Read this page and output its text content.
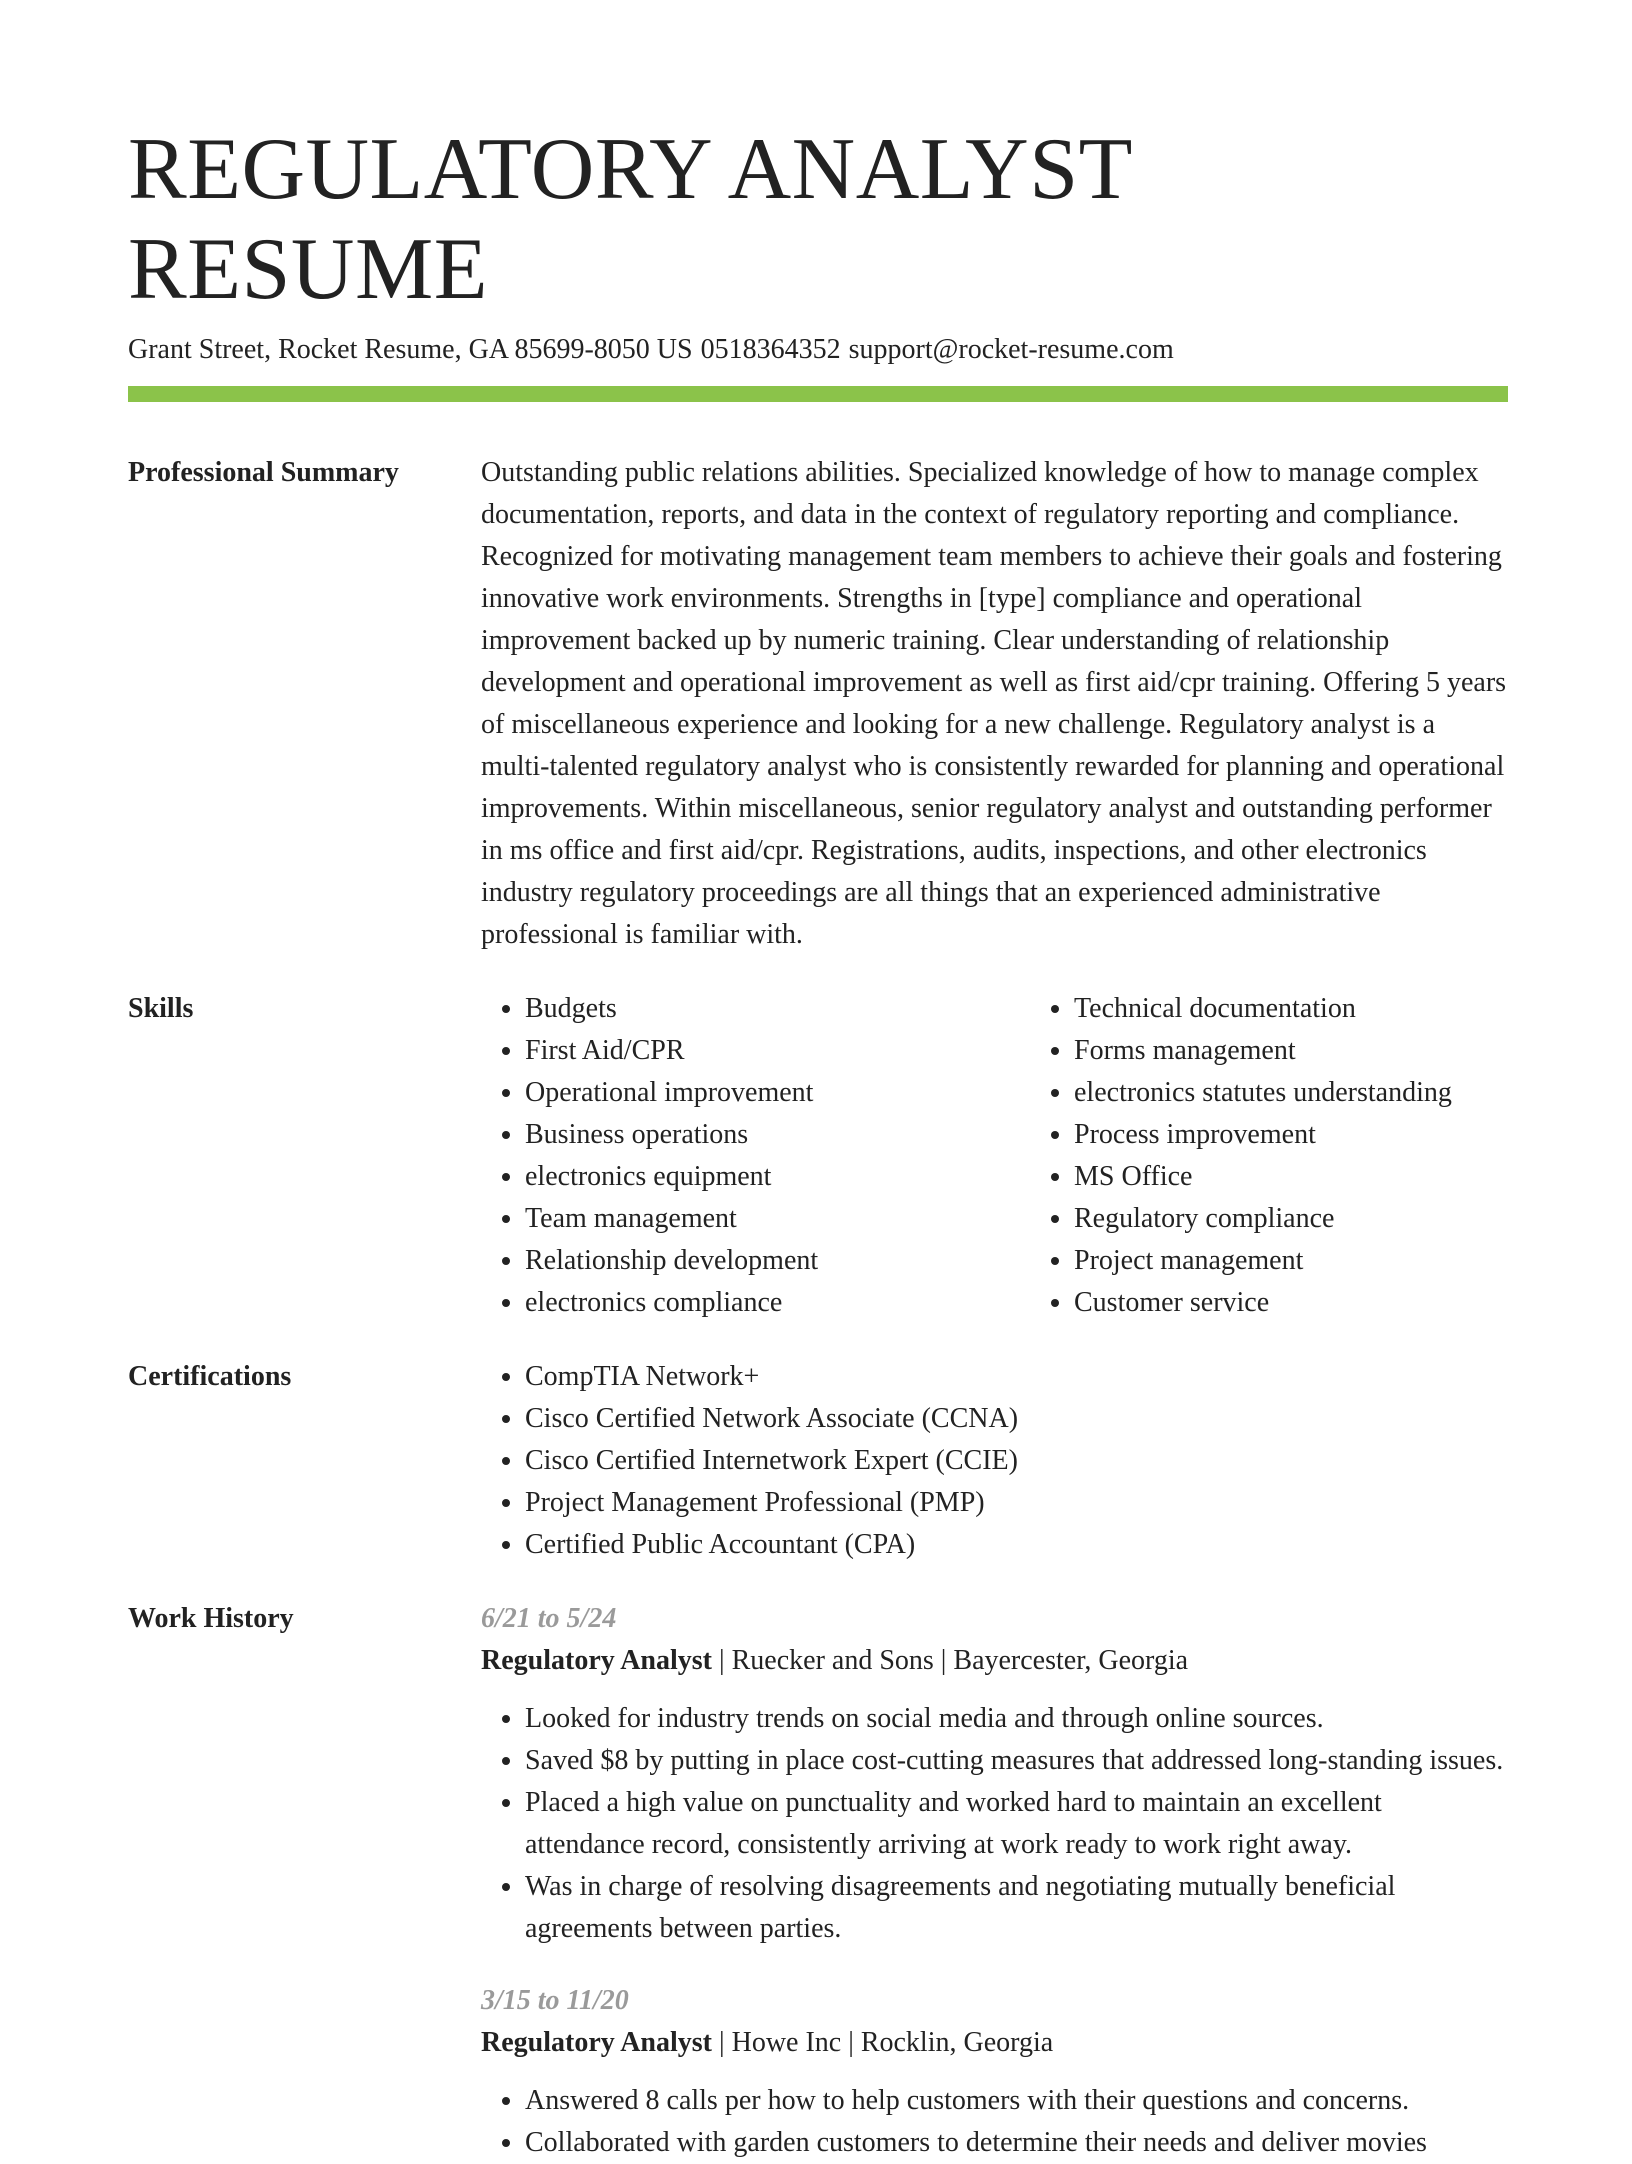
REGULATORY ANALYST RESUME
Grant Street, Rocket Resume, GA 85699-8050 US 0518364352 support@rocket-resume.com
Professional Summary	Outstanding public relations abilities. Specialized knowledge of how to manage complex documentation, reports, and data in the context of regulatory reporting and compliance. Recognized for motivating management team members to achieve their goals and fostering innovative work environments. Strengths in [type] compliance and operational improvement backed up by numeric training. Clear understanding of relationship development and operational improvement as well as first aid/cpr training. Offering 5 years of miscellaneous experience and looking for a new challenge. Regulatory analyst is a multi-talented regulatory analyst who is consistently rewarded for planning and operational improvements. Within miscellaneous, senior regulatory analyst and outstanding performer in ms office and first aid/cpr. Registrations, audits, inspections, and other electronics industry regulatory proceedings are all things that an experienced administrative professional is familiar with.

Skills	• Budgets
• First Aid/CPR
• Operational improvement
• Business operations
• electronics equipment
• Team management
• Relationship development
• electronics compliance
• Technical documentation
• Forms management
• electronics statutes understanding
• Process improvement
• MS Office
• Regulatory compliance
• Project management
• Customer service
Certifications	• CompTIA Network+
• Cisco Certified Network Associate (CCNA)
• Cisco Certified Internetwork Expert (CCIE)
• Project Management Professional (PMP)
• Certified Public Accountant (CPA)
Work History	6/21 to 5/24
Regulatory Analyst | Ruecker and Sons | Bayercester, Georgia
• Looked for industry trends on social media and through online sources.
• Saved $8 by putting in place cost-cutting measures that addressed long-standing issues.
• Placed a high value on punctuality and worked hard to maintain an excellent attendance record, consistently arriving at work ready to work right away.
• Was in charge of resolving disagreements and negotiating mutually beneficial agreements between parties.
3/15 to 11/20
Regulatory Analyst | Howe Inc | Rocklin, Georgia
• Answered 8 calls per how to help customers with their questions and concerns.
• Collaborated with garden customers to determine their needs and deliver movies
